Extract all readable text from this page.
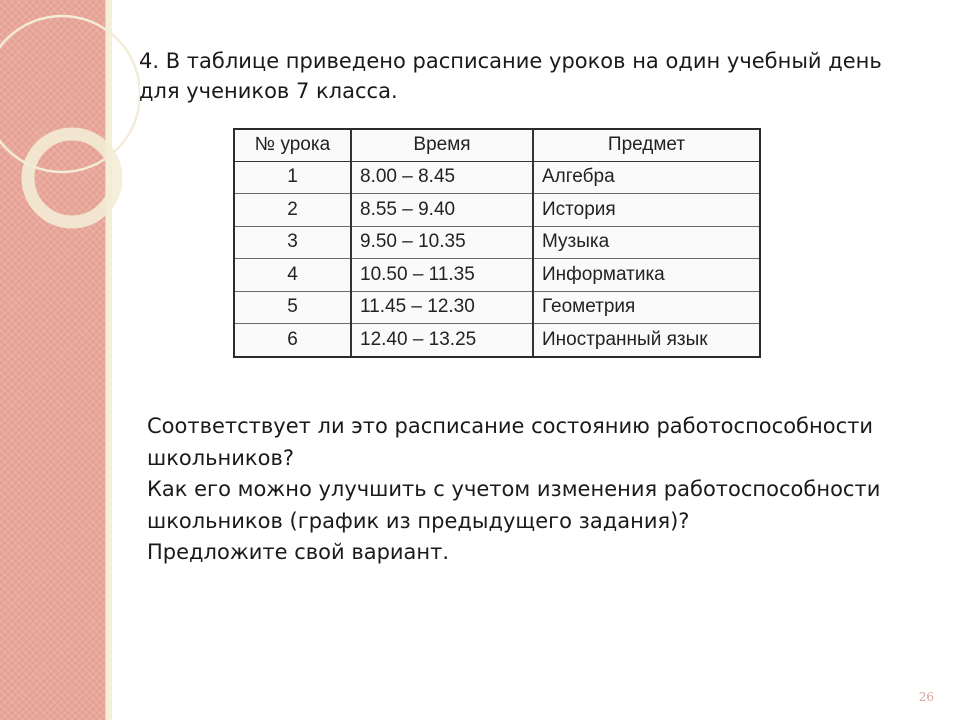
4. В таблице приведено расписание уроков на один учебный день
для учеников 7 класса.
№ урока	Время	Предмет
1	8.00 – 8.45	Алгебра
2	8.55 – 9.40	История
3	9.50 – 10.35	Музыка
4	10.50 – 11.35	Информатика
5	11.45 – 12.30	Геометрия
6	12.40 – 13.25	Иностранный язык
Соответствует ли это расписание состоянию работоспособности
школьников?
Как его можно улучшить с учетом изменения работоспособности
школьников (график из предыдущего задания)?
Предложите свой вариант.
26
